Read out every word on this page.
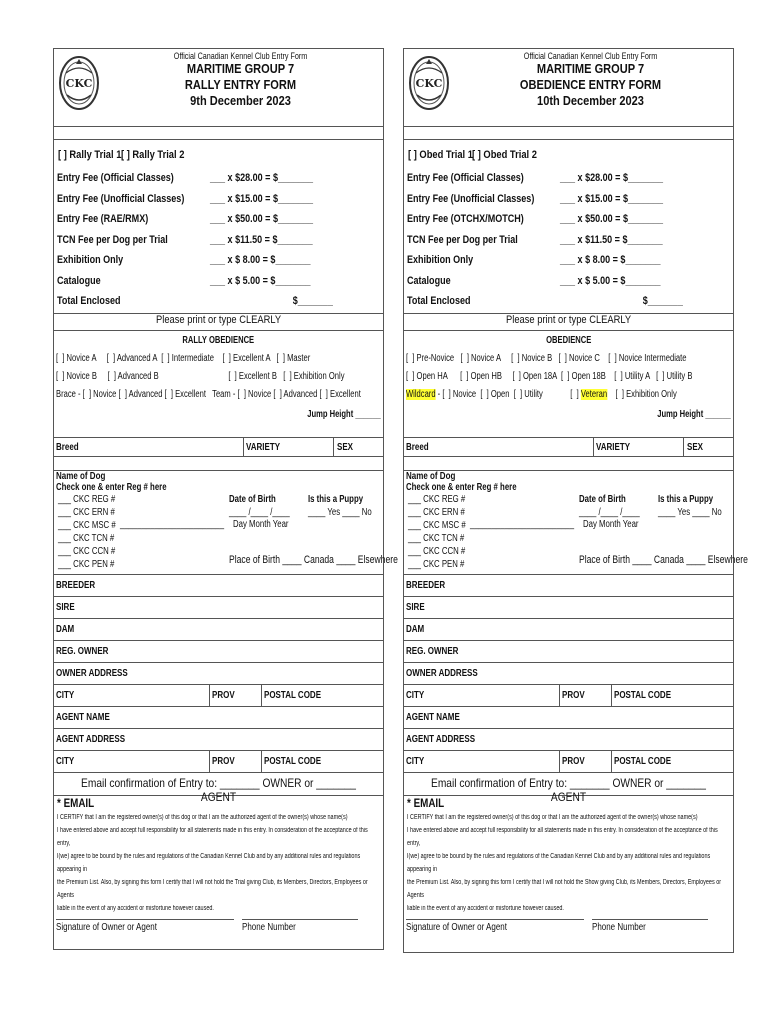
CKC
Official Canadian Kennel Club Entry Form
MARITIME GROUP 7
RALLY ENTRY FORM
9th December 2023
[ ] Rally Trial 1 [ ] Rally Trial 2
Entry Fee (Official Classes)	___ x $28.00 = $_______
Entry Fee (Unofficial Classes) ___ x $15.00 = $_______
Entry Fee (RAE/RMX)	___ x $50.00 = $_______
TCN Fee per Dog per Trial	___ x $11.50 = $_______
Exhibition Only	___ x $ 8.00 = $_______
Catalogue	___ x $ 5.00 = $_______
Total Enclosed	$_______
Please print or type CLEARLY
RALLY OBEDIENCE
[  ] Novice A     [  ] Advanced A  [  ] Intermediate    [  ] Excellent A   [  ] Master
[  ] Novice B     [  ] Advanced B                                 [  ] Excellent B   [  ] Exhibition Only
Brace - [  ] Novice [  ] Advanced [  ] Excellent   Team - [  ] Novice [  ] Advanced [  ] Excellent
Jump Height ______
Breed	VARIETY	SEX
Name of Dog
Check one & enter Reg # here
___ CKC REG #
___ CKC ERN #
___ CKC MSC # ________________________
___ CKC TCN #
___ CKC CCN #
___ CKC PEN #
Date of Birth
____ /____ /____
Day Month Year
Is this a Puppy
____ Yes ____ No
Place of Birth ____ Canada ____ Elsewhere
BREEDER
SIRE
DAM
REG. OWNER
OWNER ADDRESS
CITY	PROV	POSTAL CODE
AGENT NAME
AGENT ADDRESS
CITY	PROV	POSTAL CODE
Email confirmation of Entry to: _______ OWNER or _______ AGENT
* EMAIL
I CERTIFY that I am the registered owner(s) of this dog or that I am the authorized agent of the owner(s) whose name(s)
I have entered above and accept full responsibility for all statements made in this entry. In consideration of the acceptance of this entry,
I(we) agree to be bound by the rules and regulations of the Canadian Kennel Club and by any additional rules and regulations appearing in
the Premium List. Also, by signing this form I certify that I will not hold the Trial giving Club, its Members, Directors, Employees or Agents
liable in the event of any accident or misfortune however caused.
Signature of Owner or Agent	Phone Number
CKC
Official Canadian Kennel Club Entry Form
MARITIME GROUP 7
OBEDIENCE ENTRY FORM
10th December 2023
[ ] Obed Trial 1 [ ] Obed Trial 2
Entry Fee (Official Classes)	___ x $28.00 = $_______
Entry Fee (Unofficial Classes) ___ x $15.00 = $_______
Entry Fee (OTCHX/MOTCH)	___ x $50.00 = $_______
TCN Fee per Dog per Trial	___ x $11.50 = $_______
Exhibition Only	___ x $ 8.00 = $_______
Catalogue	___ x $ 5.00 = $_______
Total Enclosed	$_______
Please print or type CLEARLY
OBEDIENCE
[  ] Pre-Novice   [  ] Novice A     [  ] Novice B   [  ] Novice C    [  ] Novice Intermediate
[  ] Open HA      [  ] Open HB     [  ] Open 18A  [  ] Open 18B    [  ] Utility A   [  ] Utility B
Wildcard - [  ] Novice  [  ] Open  [  ] Utility             [  ] Veteran    [  ] Exhibition Only
Jump Height ______
Breed	VARIETY	SEX
Name of Dog
Check one & enter Reg # here
___ CKC REG #
___ CKC ERN #
___ CKC MSC # ________________________
___ CKC TCN #
___ CKC CCN #
___ CKC PEN #
Date of Birth
____ /____ /____
Day Month Year
Is this a Puppy
____ Yes ____ No
Place of Birth ____ Canada ____ Elsewhere
BREEDER
SIRE
DAM
REG. OWNER
OWNER ADDRESS
CITY	PROV	POSTAL CODE
AGENT NAME
AGENT ADDRESS
CITY	PROV	POSTAL CODE
Email confirmation of Entry to: _______ OWNER or _______ AGENT
* EMAIL
I CERTIFY that I am the registered owner(s) of this dog or that I am the authorized agent of the owner(s) whose name(s)
I have entered above and accept full responsibility for all statements made in this entry. In consideration of the acceptance of this entry,
I(we) agree to be bound by the rules and regulations of the Canadian Kennel Club and by any additional rules and regulations appearing in
the Premium List. Also, by signing this form I certify that I will not hold the Show giving Club, its Members, Directors, Employees or Agents
liable in the event of any accident or misfortune however caused.
Signature of Owner or Agent	Phone Number
